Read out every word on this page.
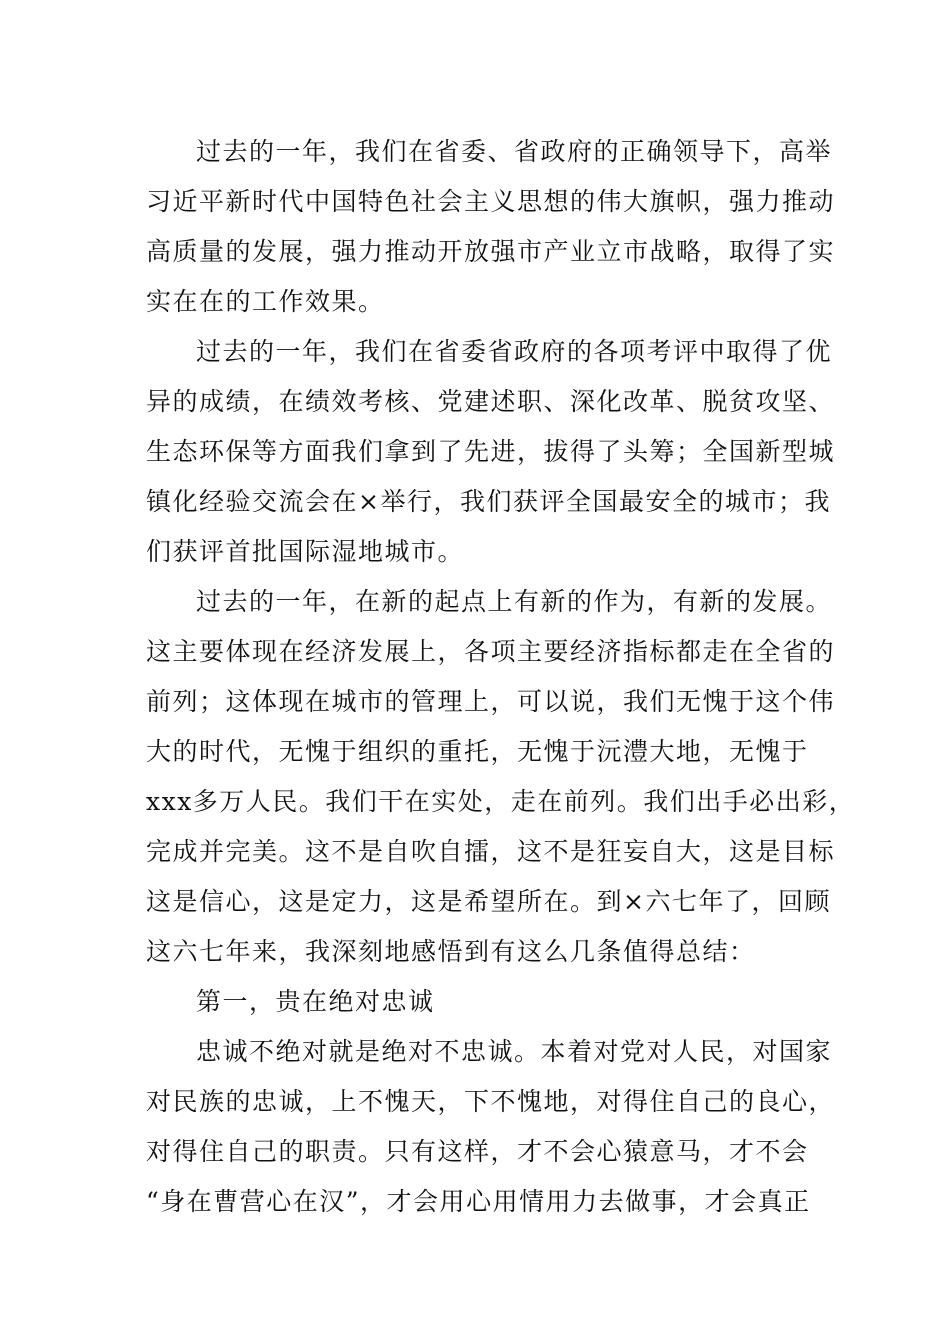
过去的一年，我们在省委、省政府的正确领导下，高举
习近平新时代中国特色社会主义思想的伟大旗帜，强力推动
高质量的发展，强力推动开放强市产业立市战略，取得了实
实在在的工作效果。
过去的一年，我们在省委省政府的各项考评中取得了优
异的成绩，在绩效考核、党建述职、深化改革、脱贫攻坚、
生态环保等方面我们拿到了先进，拔得了头筹；全国新型城
镇化经验交流会在×举行，我们获评全国最安全的城市；我
们获评首批国际湿地城市。
过去的一年，在新的起点上有新的作为，有新的发展。
这主要体现在经济发展上，各项主要经济指标都走在全省的
前列；这体现在城市的管理上，可以说，我们无愧于这个伟
大的时代，无愧于组织的重托，无愧于沅澧大地，无愧于
xxx多万人民。我们干在实处，走在前列。我们出手必出彩，
完成并完美。这不是自吹自擂，这不是狂妄自大，这是目标
这是信心，这是定力，这是希望所在。到×六七年了，回顾
这六七年来，我深刻地感悟到有这么几条值得总结：
第一，贵在绝对忠诚
忠诚不绝对就是绝对不忠诚。本着对党对人民，对国家
对民族的忠诚，上不愧天，下不愧地，对得住自己的良心，
对得住自己的职责。只有这样，才不会心猿意马，才不会
“身在曹营心在汉”，才会用心用情用力去做事，才会真正
